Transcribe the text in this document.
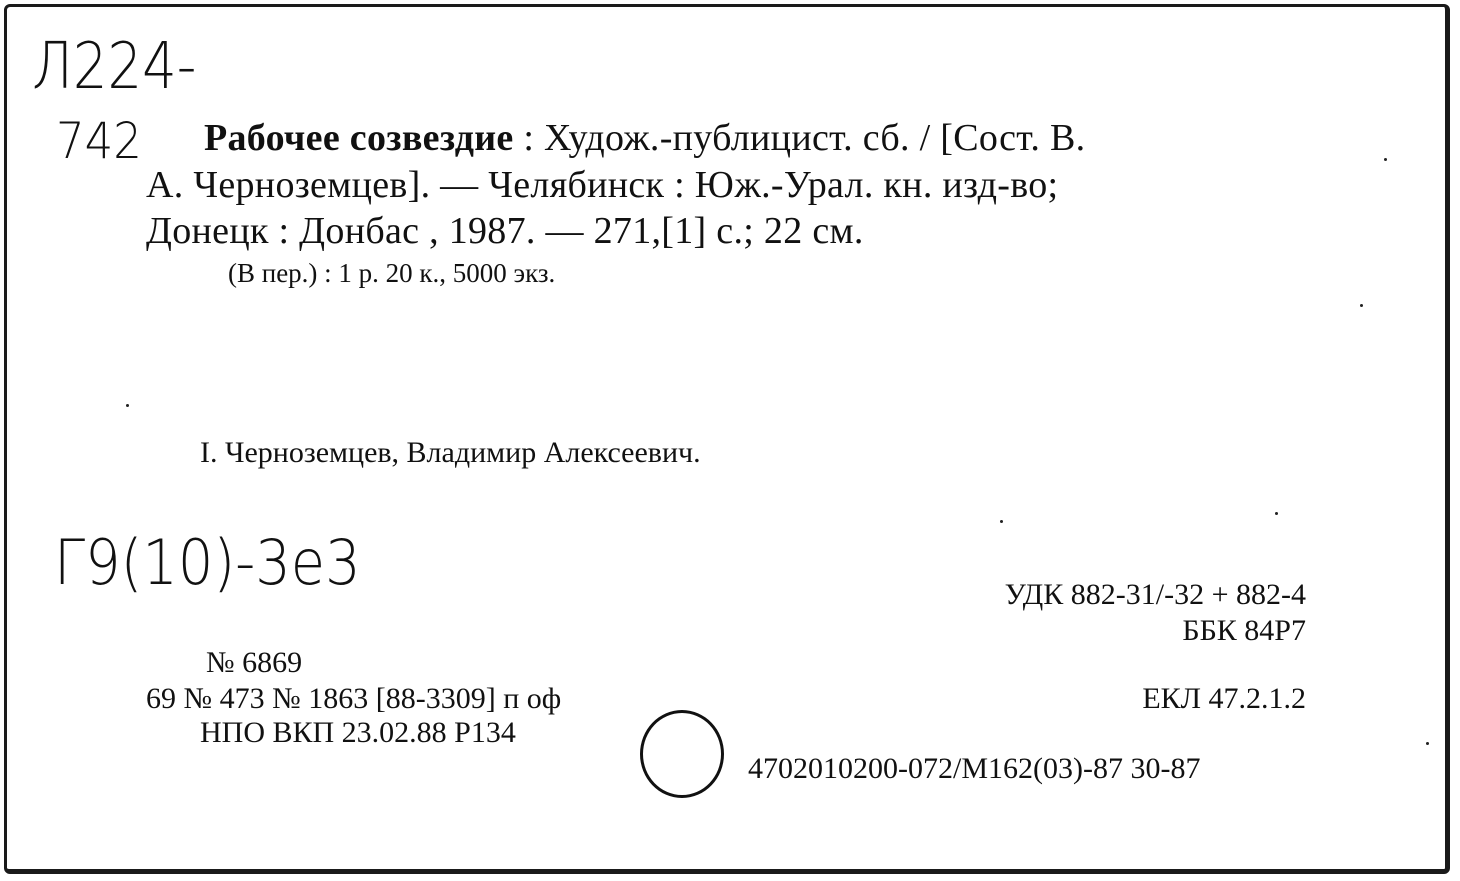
Л224-
742 Рабочее созвездие : Худож.-публицист. сб. / [Сост. В.
А. Черноземцев]. — Челябинск : Юж.-Урал. кн. изд-во;
Донецк : Донбас , 1987. — 271,[1] с.; 22 см.
(В пер.) : 1 р. 20 к., 5000 экз.
I. Черноземцев, Владимир Алексеевич.
Г9(10)-3е3	УДК 882-31/-32 + 882-4
ББК 84Р7
ЕКЛ 47.2.1.2
4702010200-072/М162(03)-87 30-87
№ 6869
69 № 473 № 1863 [88-3309] п оф
НПО ВКП 23.02.88 Р134
